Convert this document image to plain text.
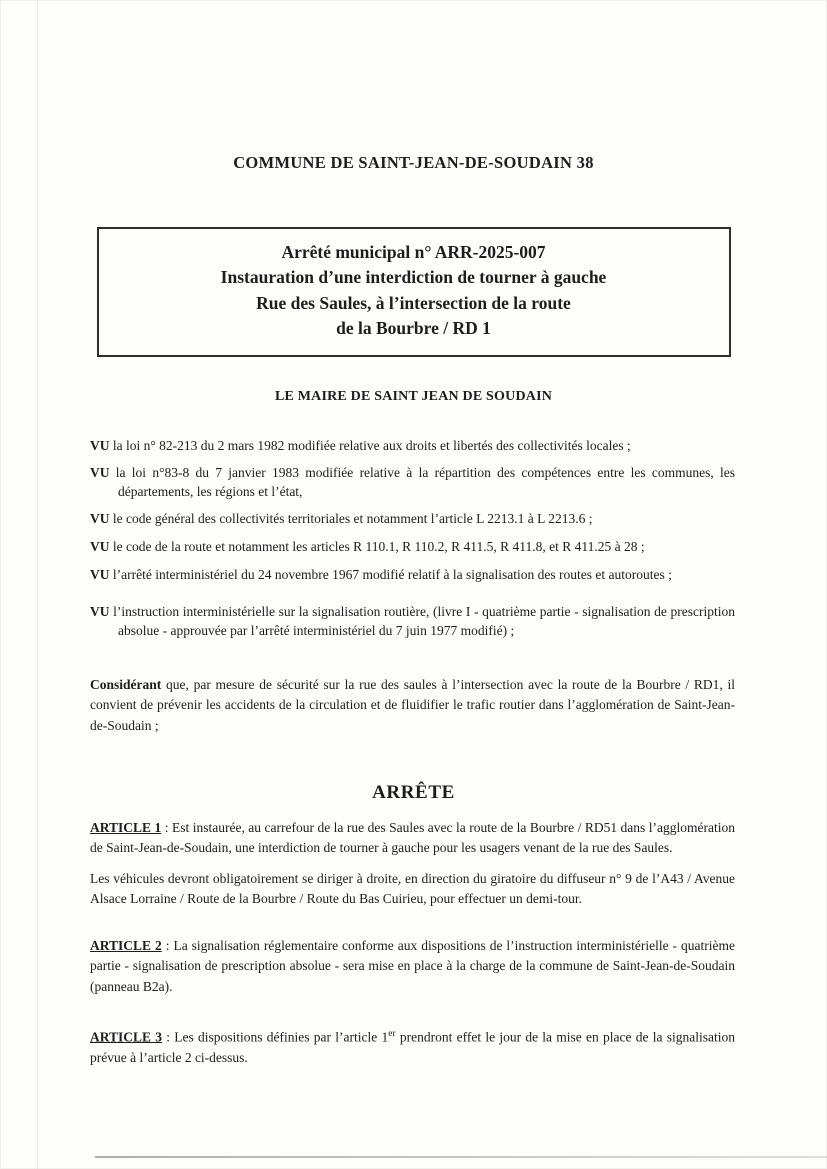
COMMUNE DE SAINT-JEAN-DE-SOUDAIN 38
Arrêté municipal n° ARR-2025-007
Instauration d’une interdiction de tourner à gauche
Rue des Saules, à l’intersection de la route
de la Bourbre / RD 1
LE MAIRE DE SAINT JEAN DE SOUDAIN

VU la loi n° 82-213 du 2 mars 1982 modifiée relative aux droits et libertés des collectivités locales ;

VU la loi n°83-8 du 7 janvier 1983 modifiée relative à la répartition des compétences entre les communes, les départements, les régions et l’état,

VU le code général des collectivités territoriales et notamment l’article L 2213.1 à L 2213.6 ;

VU le code de la route et notamment les articles R 110.1, R 110.2, R 411.5, R 411.8, et R 411.25 à 28 ;

VU l’arrêté interministériel du 24 novembre 1967 modifié relatif à la signalisation des routes et autoroutes ;

VU l’instruction interministérielle sur la signalisation routière, (livre I - quatrième partie - signalisation de prescription absolue - approuvée par l’arrêté interministériel du 7 juin 1977 modifié) ;

Considérant que, par mesure de sécurité sur la rue des saules à l’intersection avec la route de la Bourbre / RD1, il convient de prévenir les accidents de la circulation et de fluidifier le trafic routier dans l’agglomération de Saint-Jean-de-Soudain ;

ARRÊTE

ARTICLE 1 : Est instaurée, au carrefour de la rue des Saules avec la route de la Bourbre / RD51 dans l’agglomération de Saint-Jean-de-Soudain, une interdiction de tourner à gauche pour les usagers venant de la rue des Saules.

Les véhicules devront obligatoirement se diriger à droite, en direction du giratoire du diffuseur n° 9 de l’A43 / Avenue Alsace Lorraine / Route de la Bourbre / Route du Bas Cuirieu, pour effectuer un demi-tour.

ARTICLE 2 : La signalisation réglementaire conforme aux dispositions de l’instruction interministérielle - quatrième partie - signalisation de prescription absolue - sera mise en place à la charge de la commune de Saint-Jean-de-Soudain (panneau B2a).

ARTICLE 3 : Les dispositions définies par l’article 1er prendront effet le jour de la mise en place de la signalisation prévue à l’article 2 ci-dessus.
